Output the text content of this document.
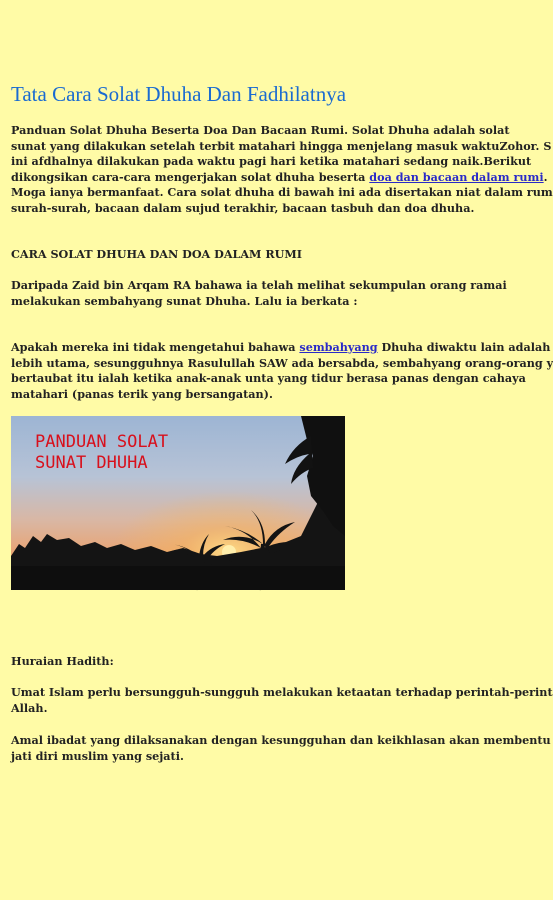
Tata Cara Solat Dhuha Dan Fadhilatnya

Panduan Solat Dhuha Beserta Doa Dan Bacaan Rumi. Solat Dhuha adalah solat
sunat yang dilakukan setelah terbit matahari hingga menjelang masuk waktuZohor. S
ini afdhalnya dilakukan pada waktu pagi hari ketika matahari sedang naik.Berikut
dikongsikan cara-cara mengerjakan solat dhuha beserta doa dan bacaan dalam rumi.
Moga ianya bermanfaat. Cara solat dhuha di bawah ini ada disertakan niat dalam rum
surah-surah, bacaan dalam sujud terakhir, bacaan tasbuh dan doa dhuha.

CARA SOLAT DHUHA DAN DOA DALAM RUMI

Daripada Zaid bin Arqam RA bahawa ia telah melihat sekumpulan orang ramai
melakukan sembahyang sunat Dhuha. Lalu ia berkata :

Apakah mereka ini tidak mengetahui bahawa sembahyang Dhuha diwaktu lain adalah
lebih utama, sesungguhnya Rasulullah SAW ada bersabda, sembahyang orang-orang y
bertaubat itu ialah ketika anak-anak unta yang tidur berasa panas dengan cahaya
matahari (panas terik yang bersangatan).

PANDUAN SOLAT
SUNAT DHUHA

Huraian Hadith:

Umat Islam perlu bersungguh-sungguh melakukan ketaatan terhadap perintah-perint
Allah.

Amal ibadat yang dilaksanakan dengan kesungguhan dan keikhlasan akan membentu
jati diri muslim yang sejati.
